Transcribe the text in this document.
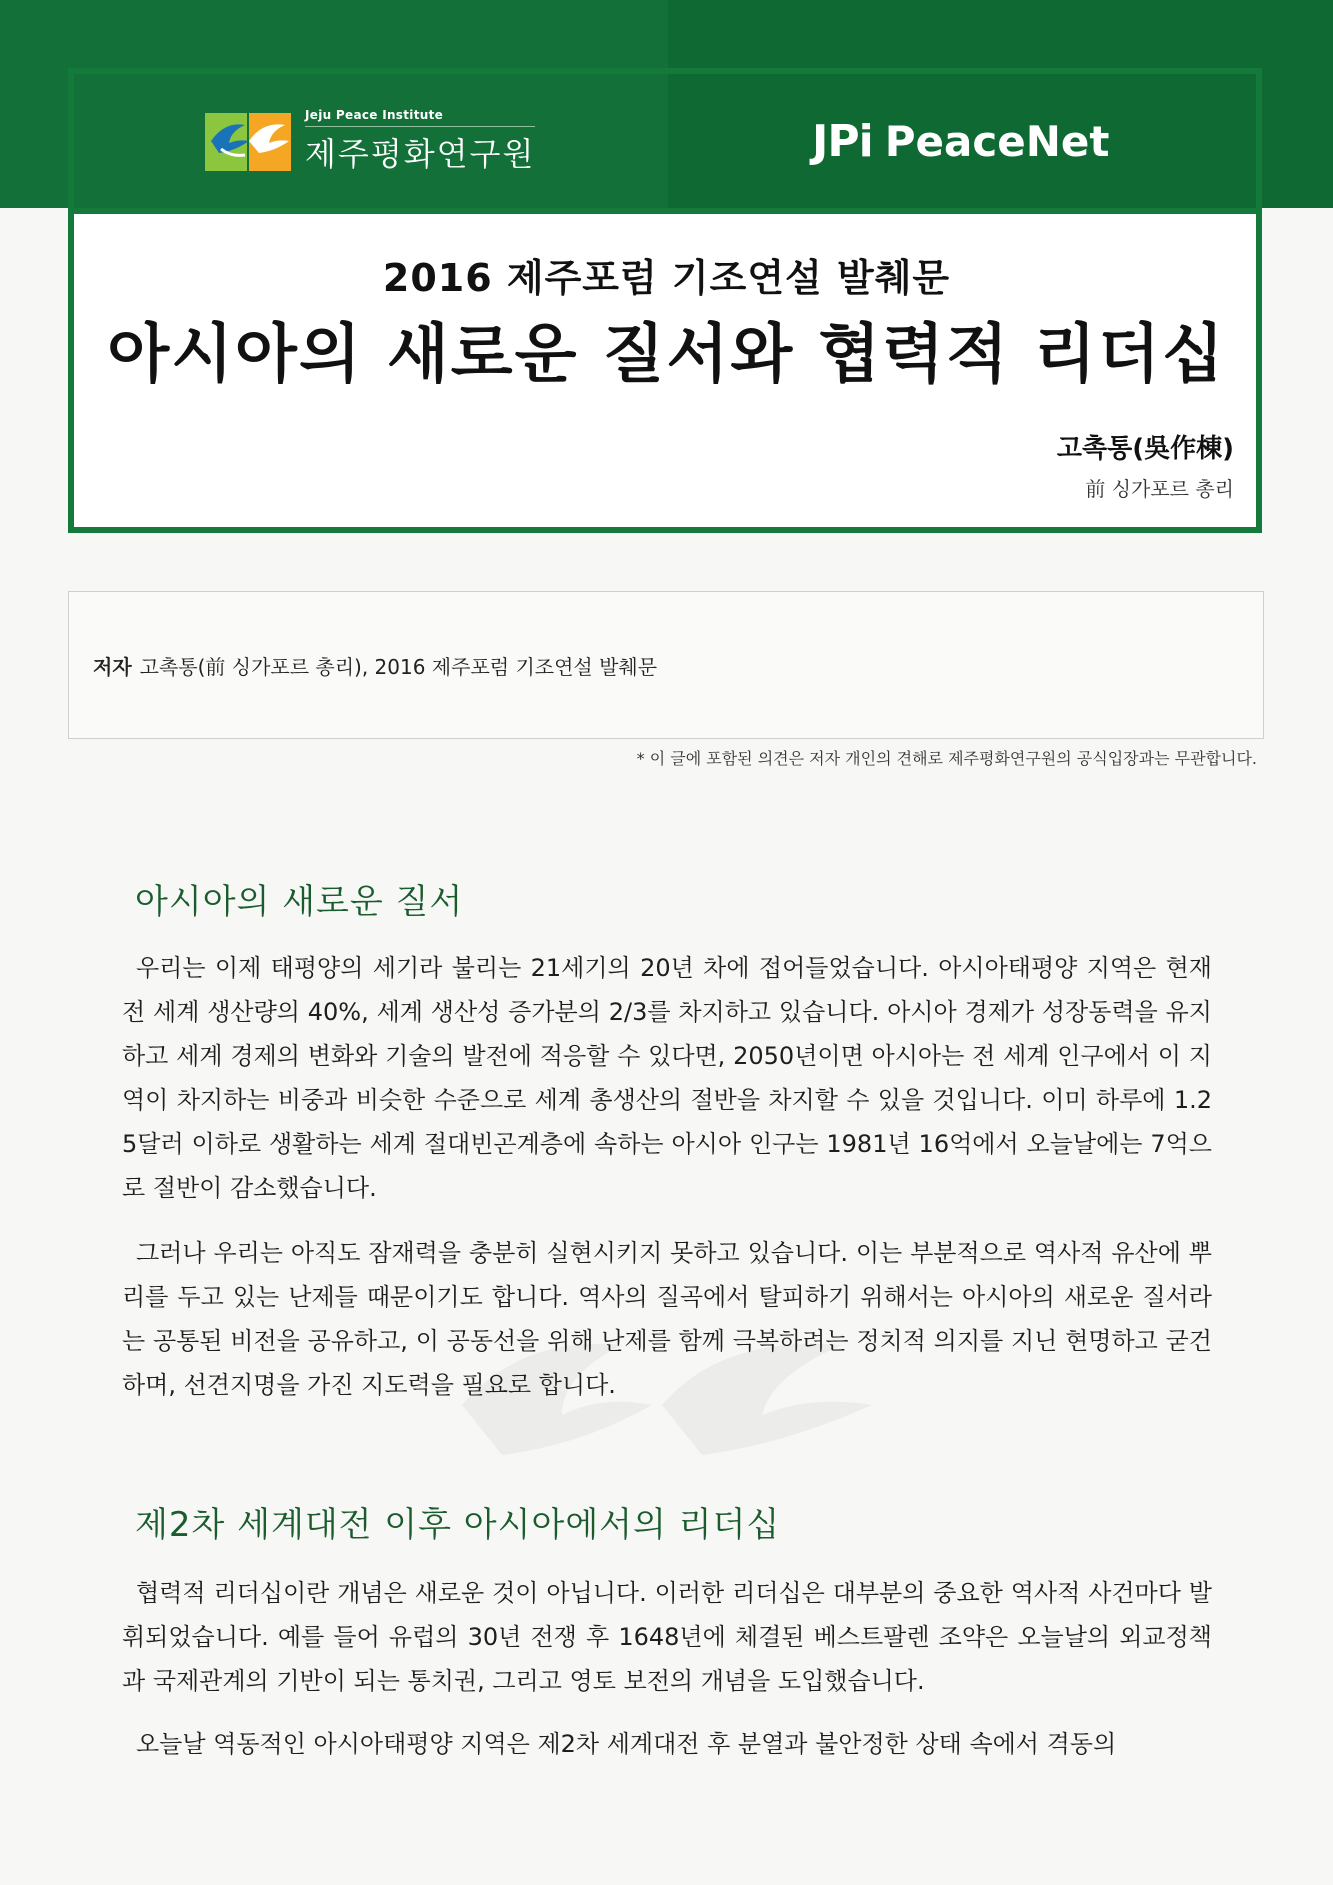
Jeju Peace Institute
제주평화연구원	JPi PeaceNet
2016 제주포럼 기조연설 발췌문
아시아의 새로운 질서와 협력적 리더십
고촉통(吳作棟)
前 싱가포르 총리
저자 고촉통(前 싱가포르 총리), 2016 제주포럼 기조연설 발췌문
* 이 글에 포함된 의견은 저자 개인의 견해로 제주평화연구원의 공식입장과는 무관합니다.
아시아의 새로운 질서

우리는 이제 태평양의 세기라 불리는 21세기의 20년 차에 접어들었습니다. 아시아태평양 지역은 현재 전 세계 생산량의 40%, 세계 생산성 증가분의 2/3를 차지하고 있습니다. 아시아 경제가 성장동력을 유지하고 세계 경제의 변화와 기술의 발전에 적응할 수 있다면, 2050년이면 아시아는 전 세계 인구에서 이 지역이 차지하는 비중과 비슷한 수준으로 세계 총생산의 절반을 차지할 수 있을 것입니다. 이미 하루에 1.25달러 이하로 생활하는 세계 절대빈곤계층에 속하는 아시아 인구는 1981년 16억에서 오늘날에는 7억으로 절반이 감소했습니다.

그러나 우리는 아직도 잠재력을 충분히 실현시키지 못하고 있습니다. 이는 부분적으로 역사적 유산에 뿌리를 두고 있는 난제들 때문이기도 합니다. 역사의 질곡에서 탈피하기 위해서는 아시아의 새로운 질서라는 공통된 비전을 공유하고, 이 공동선을 위해 난제를 함께 극복하려는 정치적 의지를 지닌 현명하고 굳건하며, 선견지명을 가진 지도력을 필요로 합니다.

제2차 세계대전 이후 아시아에서의 리더십

협력적 리더십이란 개념은 새로운 것이 아닙니다. 이러한 리더십은 대부분의 중요한 역사적 사건마다 발휘되었습니다. 예를 들어 유럽의 30년 전쟁 후 1648년에 체결된 베스트팔렌 조약은 오늘날의 외교정책과 국제관계의 기반이 되는 통치권, 그리고 영토 보전의 개념을 도입했습니다.

오늘날 역동적인 아시아태평양 지역은 제2차 세계대전 후 분열과 불안정한 상태 속에서 격동의
